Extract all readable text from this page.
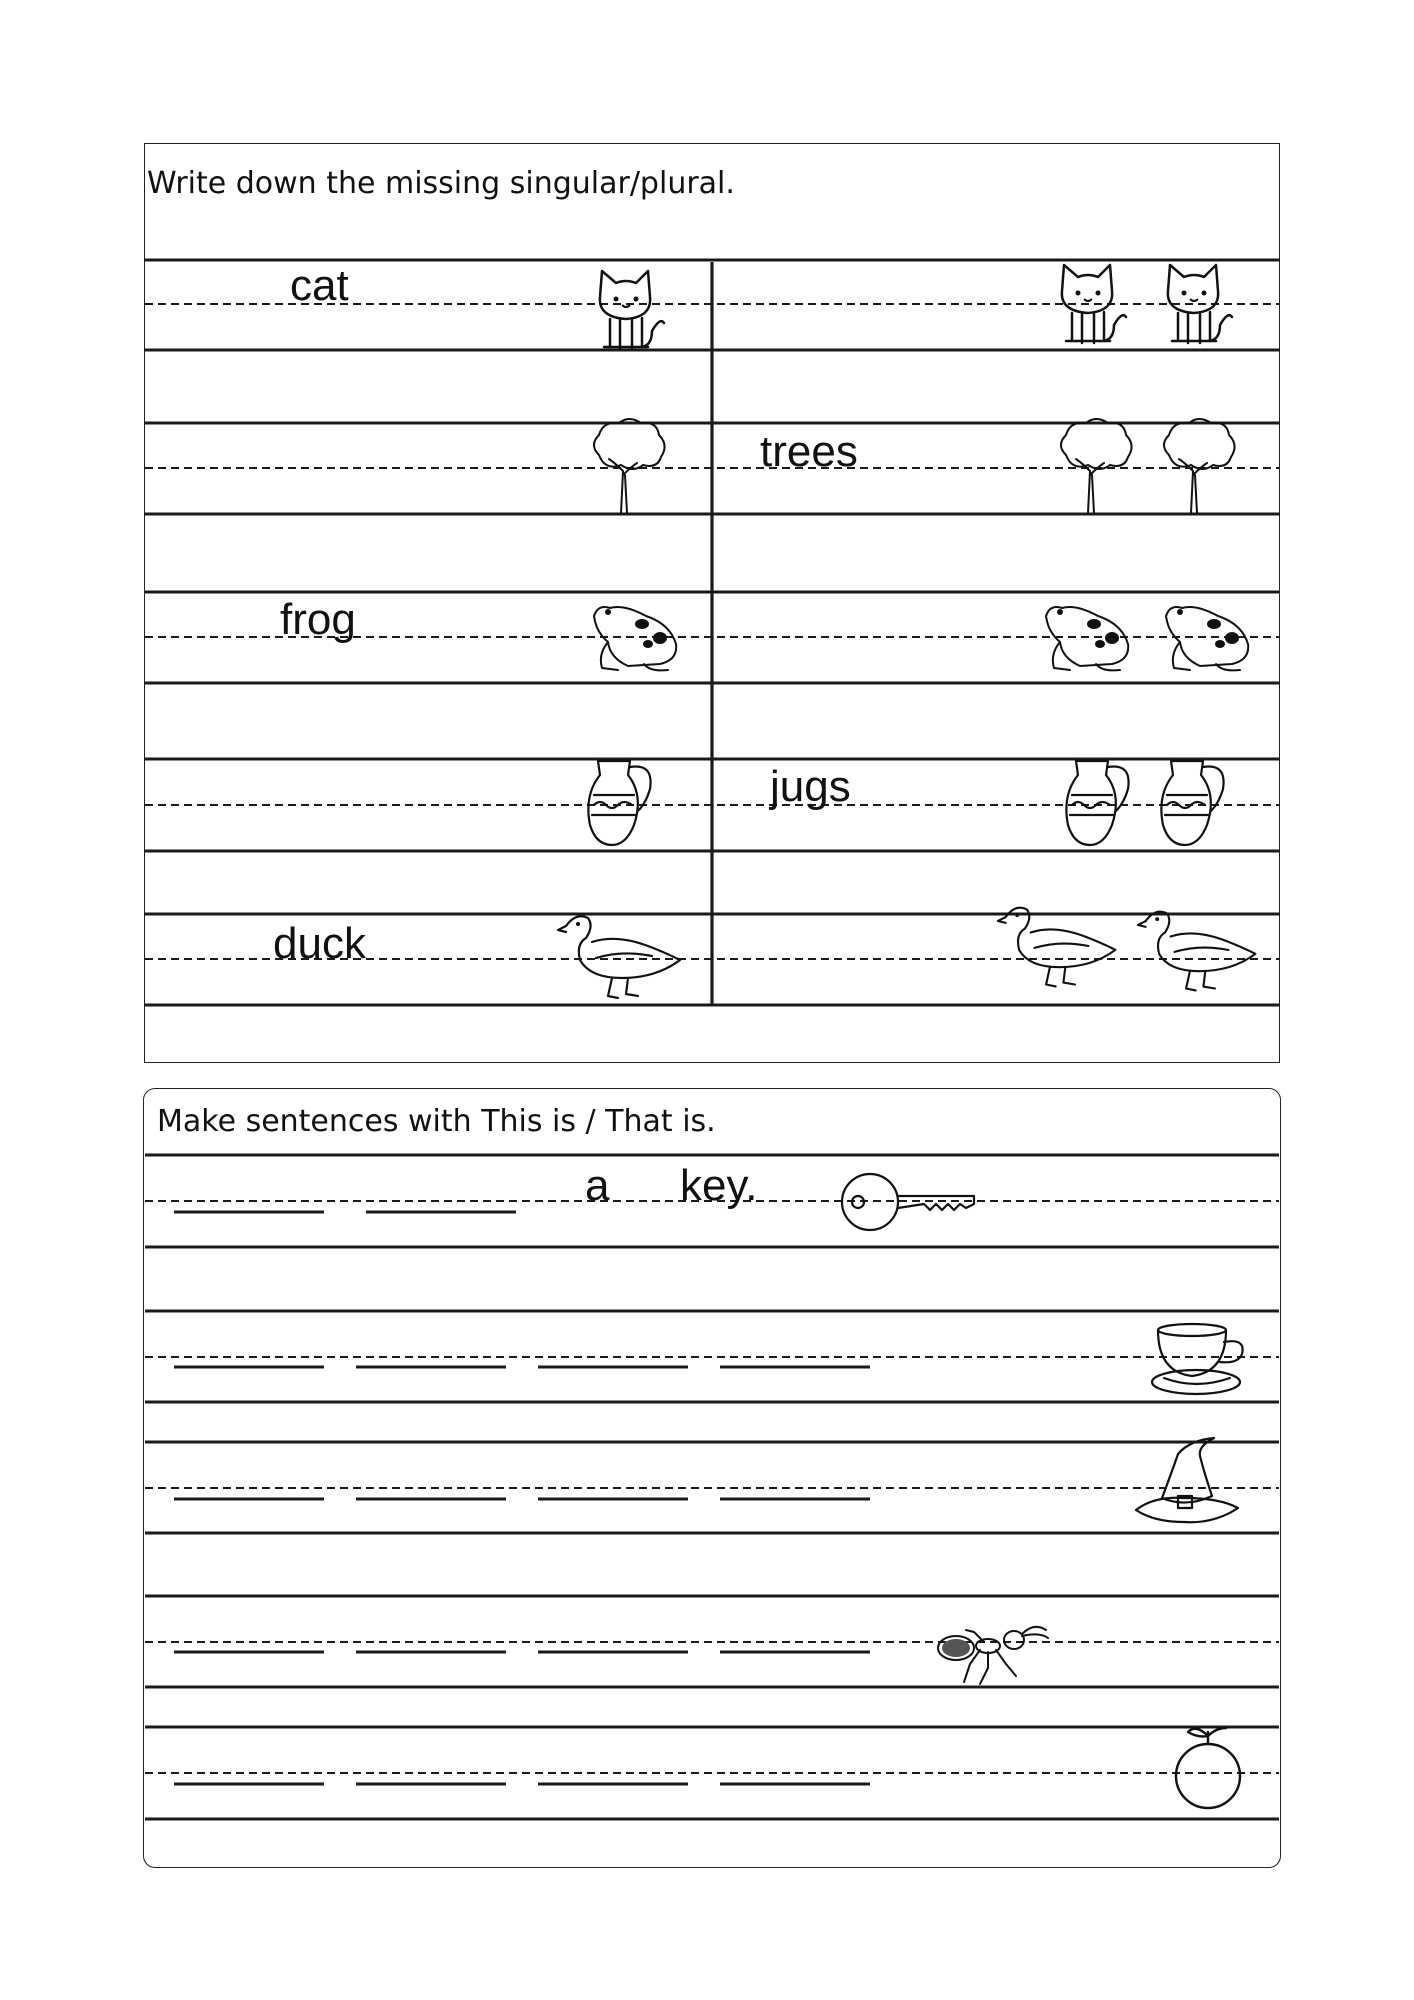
Write down the missing singular/plural.
cat
trees
frog
jugs
duck
Make sentences with This is / That is.
a key.
